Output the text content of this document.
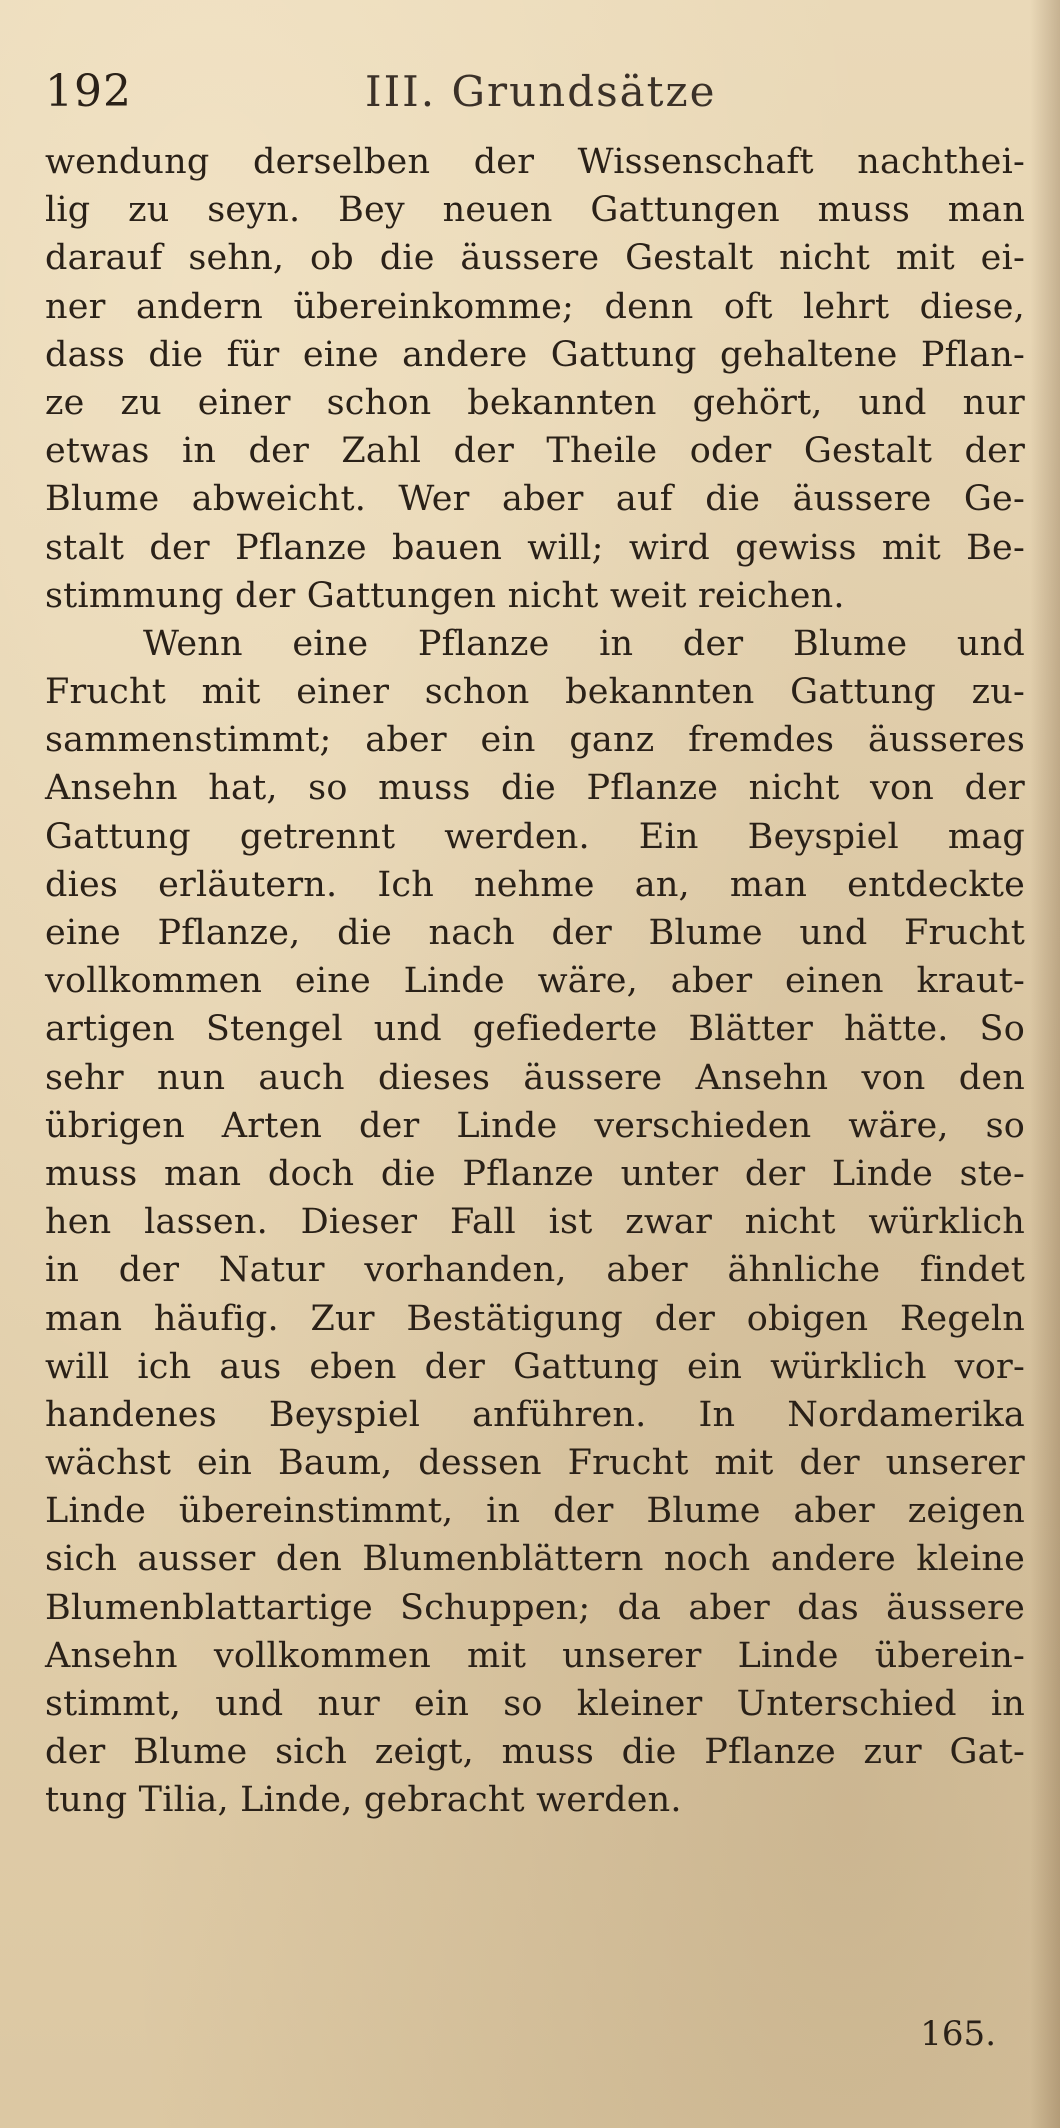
192	III. Grundsätze
wendung derselben der Wissenschaft nachthei-
lig zu seyn. Bey neuen Gattungen muss man
darauf sehn, ob die äussere Gestalt nicht mit ei-
ner andern übereinkomme; denn oft lehrt diese,
dass die für eine andere Gattung gehaltene Pflan-
ze zu einer schon bekannten gehört, und nur
etwas in der Zahl der Theile oder Gestalt der
Blume abweicht. Wer aber auf die äussere Ge-
stalt der Pflanze bauen will; wird gewiss mit Be-
stimmung der Gattungen nicht weit reichen.
Wenn eine Pflanze in der Blume und
Frucht mit einer schon bekannten Gattung zu-
sammenstimmt; aber ein ganz fremdes äusseres
Ansehn hat, so muss die Pflanze nicht von der
Gattung getrennt werden. Ein Beyspiel mag
dies erläutern. Ich nehme an, man entdeckte
eine Pflanze, die nach der Blume und Frucht
vollkommen eine Linde wäre, aber einen kraut-
artigen Stengel und gefiederte Blätter hätte. So
sehr nun auch dieses äussere Ansehn von den
übrigen Arten der Linde verschieden wäre, so
muss man doch die Pflanze unter der Linde ste-
hen lassen. Dieser Fall ist zwar nicht würklich
in der Natur vorhanden, aber ähnliche findet
man häufig. Zur Bestätigung der obigen Regeln
will ich aus eben der Gattung ein würklich vor-
handenes Beyspiel anführen. In Nordamerika
wächst ein Baum, dessen Frucht mit der unserer
Linde übereinstimmt, in der Blume aber zeigen
sich ausser den Blumenblättern noch andere kleine
Blumenblattartige Schuppen; da aber das äussere
Ansehn vollkommen mit unserer Linde überein-
stimmt, und nur ein so kleiner Unterschied in
der Blume sich zeigt, muss die Pflanze zur Gat-
tung Tilia, Linde, gebracht werden.
165.
